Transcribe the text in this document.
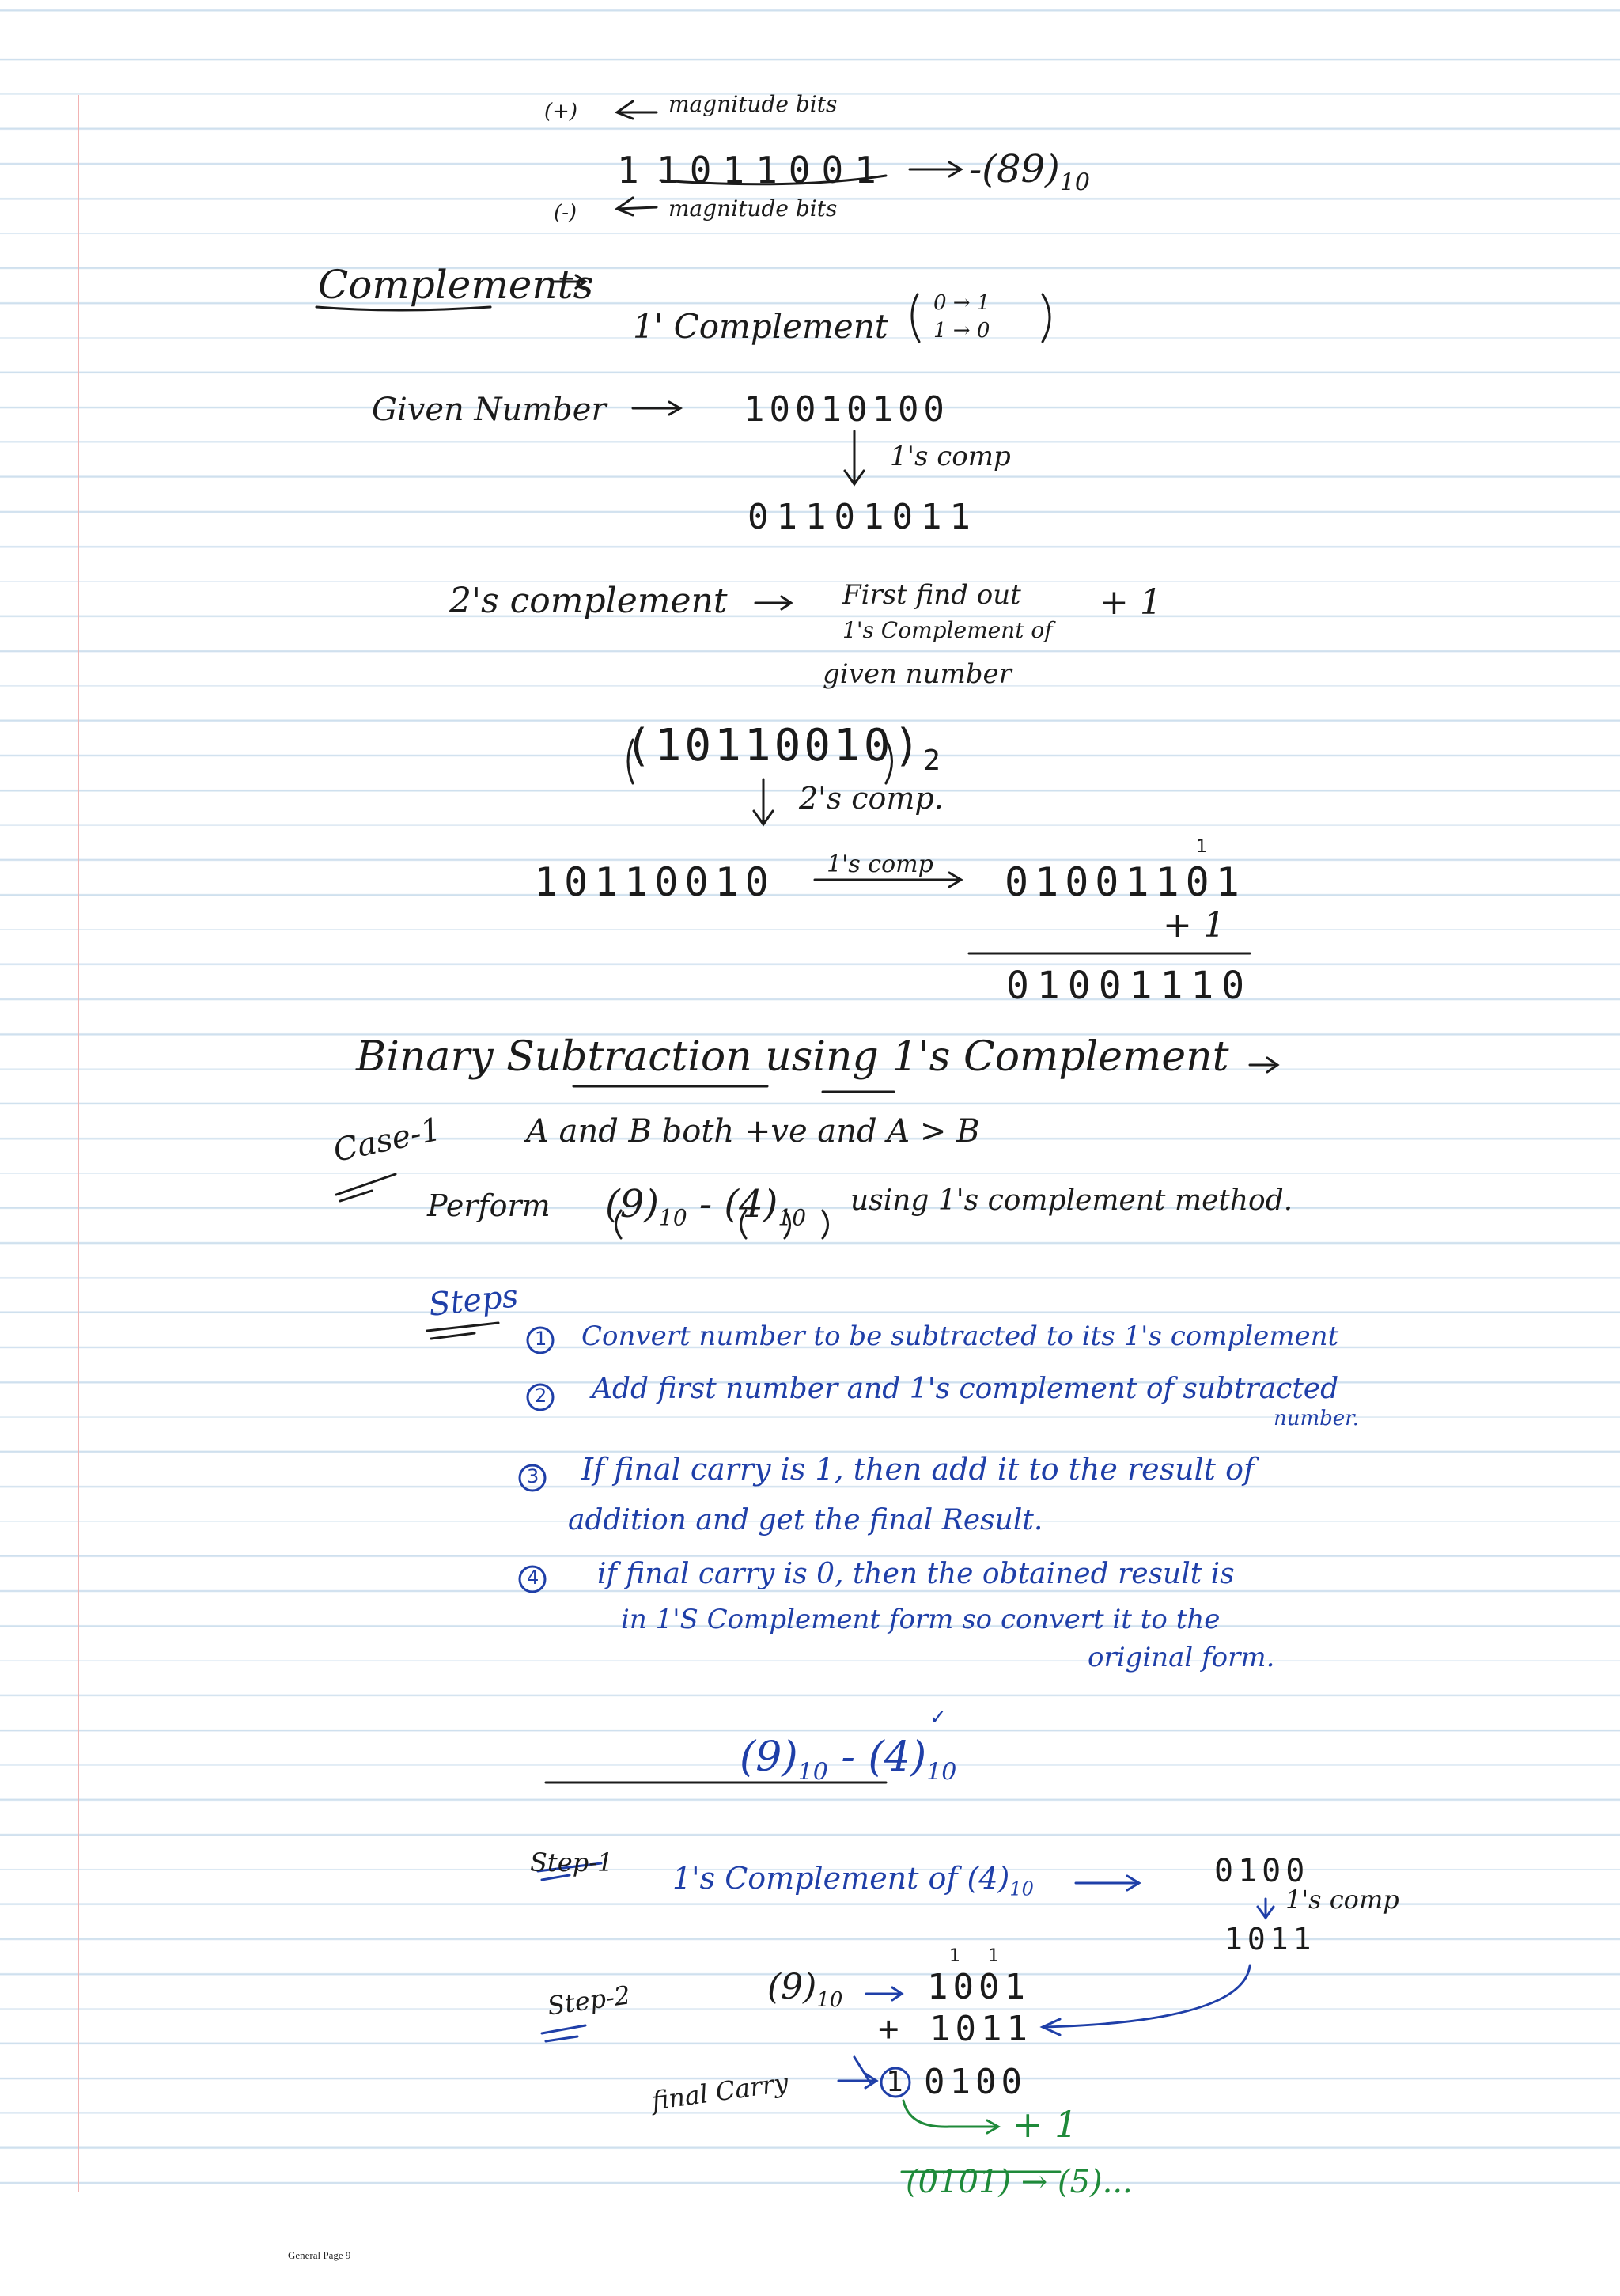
(+)	magnitude bits
1 1011001 $-(89)_{10}$
(-)	magnitude bits
Complements
1' Complement
0 → 1
1 → 0
Given Number	10010100
1's comp
01101011
2's complement	First find out
1's Complement of
given number
+ 1
$(10110010)_2$
2's comp.
10110010 1's comp
1
01001101
+ 1
01001110
Binary Subtraction using 1's Complement
Case-1	A and B both +ve and A > B
Perform $(9)_{10} - (4)_{10}$
using 1's complement method.
Steps
1 Convert number to be subtracted to its 1's complement
2 Add first number and 1's complement of subtracted
number.
3 If final carry is 1, then add it to the result of
addition and get the final Result.
4 if final carry is 0, then the obtained result is
in 1'S Complement form so convert it to the
original form.
✓
$(9)_{10} - (4)_{10}$
Step-1 1's Complement of $(4)_{10}$	0100
1's comp
1011
Step-2	$(9)_{10}$
1 1
1001
+ 1011
final Carry	1 0100
+ 1
(0101) → (5)...
General Page 9
